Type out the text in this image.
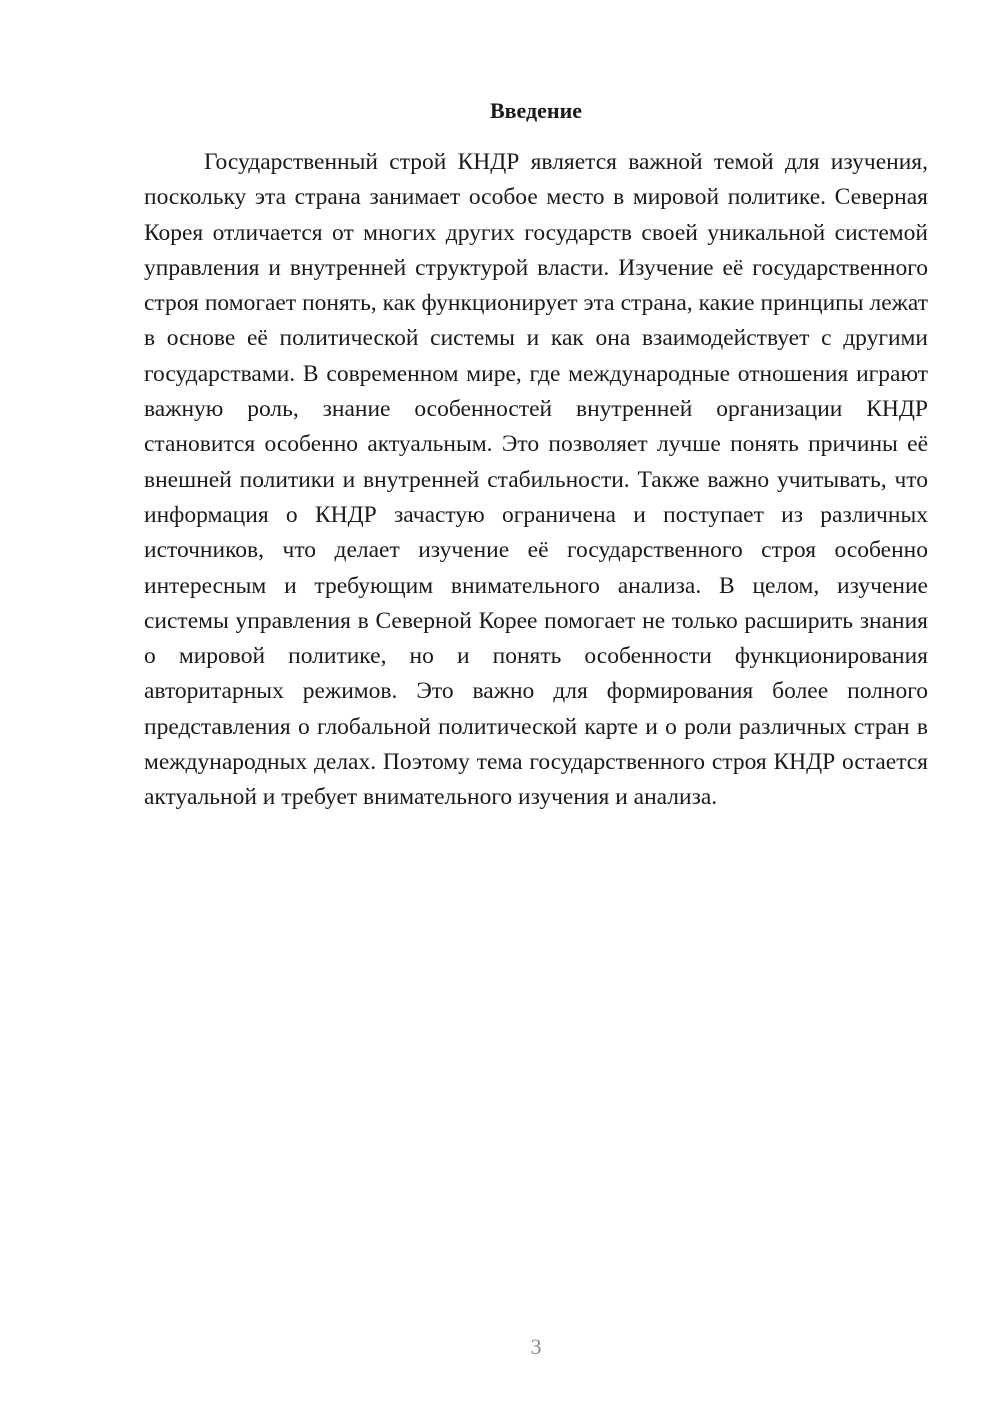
Введение

Государственный строй КНДР является важной темой для изучения, поскольку эта страна занимает особое место в мировой политике. Северная Корея отличается от многих других государств своей уникальной системой управления и внутренней структурой власти. Изучение её государственного строя помогает понять, как функционирует эта страна, какие принципы лежат в основе её политической системы и как она взаимодействует с другими государствами. В современном мире, где международные отношения играют важную роль, знание особенностей внутренней организации КНДР становится особенно актуальным. Это позволяет лучше понять причины её внешней политики и внутренней стабильности. Также важно учитывать, что информация о КНДР зачастую ограничена и поступает из различных источников, что делает изучение её государственного строя особенно интересным и требующим внимательного анализа. В целом, изучение системы управления в Северной Корее помогает не только расширить знания о мировой политике, но и понять особенности функционирования авторитарных режимов. Это важно для формирования более полного представления о глобальной политической карте и о роли различных стран в международных делах. Поэтому тема государственного строя КНДР остается актуальной и требует внимательного изучения и анализа.

3
